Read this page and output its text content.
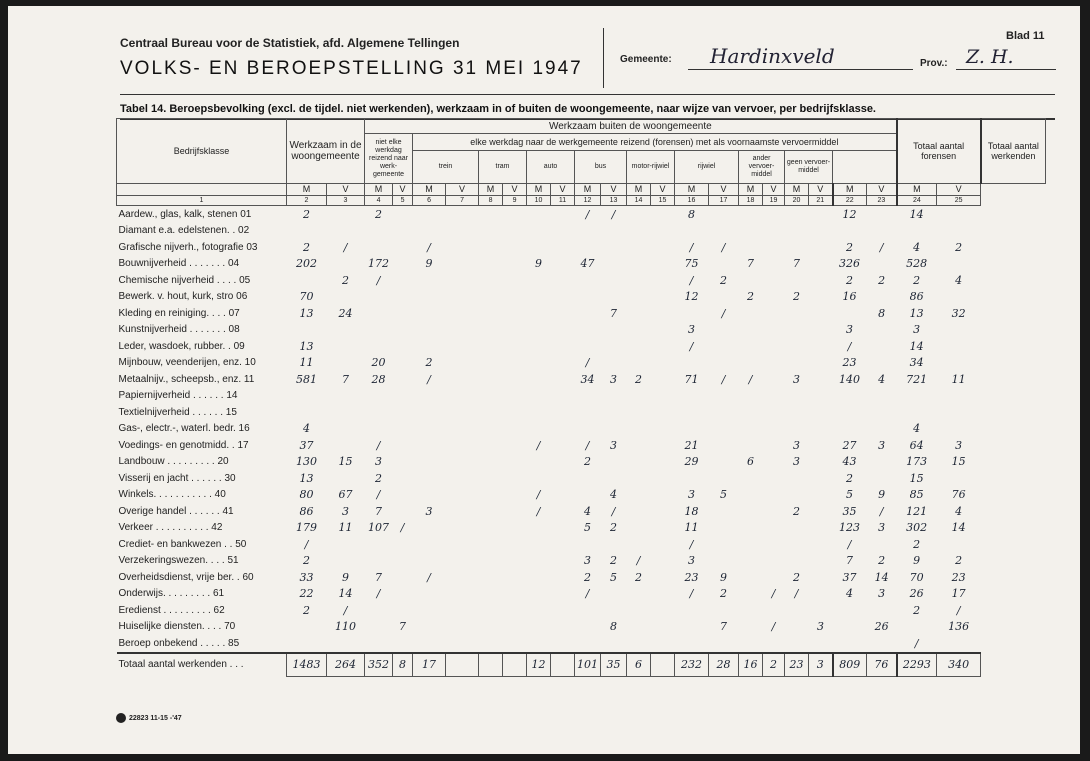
Centraal Bureau voor de Statistiek, afd. Algemene Tellingen
VOLKS- EN BEROEPSTELLING 31 MEI 1947
Blad 11
Gemeente:	Hardinxveld	Prov.: Z. H.
Tabel 14. Beroepsbevolking (excl. de tijdel. niet werkenden), werkzaam in of buiten de woongemeente, naar wijze van vervoer, per bedrijfsklasse.
Bedrijfsklasse	Werkzaam in de woongemeente		Werkzaam buiten de woongemeente																				Totaal aantal forensen		Totaal aantal werkenden
			niet elke werkdag reizend naar werk-gemeente		elke werkdag naar de werkgemeente reizend (forensen) met als voornaamste vervoermiddel																				
					trein		tram		auto		bus		motor-rijwiel		rijwiel		ander vervoer-middel		geen vervoer-middel						
	M	V	M	V	M	V	M	V	M	V	M	V	M	V	M	V	M	V	M	V	M	V	M	V	
1	2	3	4	5	6	7	8	9	10	11	12	13	14	15	16	17	18	19	20	21	22	23	24	25	
Aardew., glas, kalk, stenen 01	2		2								/	/			8						12		14		
Diamant e.a. edelstenen. . 02																									
Grafische nijverh., fotografie 03	2	/			/										/	/					2	/	4	2	
Bouwnijverheid . . . . . . . 04	202		172		9				9		47				75		7		7		326		528		
Chemische nijverheid . . . . 05		2	/												/	2					2	2	2	4	
Bewerk. v. hout, kurk, stro 06	70														12		2		2		16		86		
Kleding en reiniging. . . . 07	13	24										7				/						8	13	32	
Kunstnijverheid . . . . . . . 08															3						3		3		
Leder, wasdoek, rubber. . 09	13														/						/		14		
Mijnbouw, veenderijen, enz. 10	11		20		2						/										23		34		
Metaalnijv., scheepsb., enz. 11	581	7	28		/						34	3	2		71	/	/		3		140	4	721	11	
Papiernijverheid . . . . . . 14																									
Textielnijverheid . . . . . . 15																									
Gas-, electr.-, waterl. bedr. 16	4																						4		
Voedings- en genotmidd. . 17	37		/						/		/	3			21				3		27	3	64	3	
Landbouw . . . . . . . . . 20	130	15	3								2				29		6		3		43		173	15	
Visserij en jacht . . . . . . 30	13		2																		2		15		
Winkels. . . . . . . . . . . 40	80	67	/						/			4			3	5					5	9	85	76	
Overige handel . . . . . . 41	86	3	7		3				/		4	/			18				2		35	/	121	4	
Verkeer . . . . . . . . . . 42	179	11	107	/							5	2			11						123	3	302	14	
Crediet- en bankwezen . . 50	/														/						/		2		
Verzekeringswezen. . . . 51	2										3	2	/		3						7	2	9	2	
Overheidsdienst, vrije ber. . 60	33	9	7		/						2	5	2		23	9			2		37	14	70	23	
Onderwijs. . . . . . . . . 61	22	14	/								/				/	2		/	/		4	3	26	17	
Eredienst . . . . . . . . . 62	2	/																					2	/	
Huiselijke diensten. . . . 70		110		7								8				7		/		3		26		136	
Beroep onbekend . . . . . 85																							/		
Totaal aantal werkenden . . .	1483	264	352	8	17				12		101	35	6		232	28	16	2	23	3	809	76	2293	340	
22823 11-15 -'47
